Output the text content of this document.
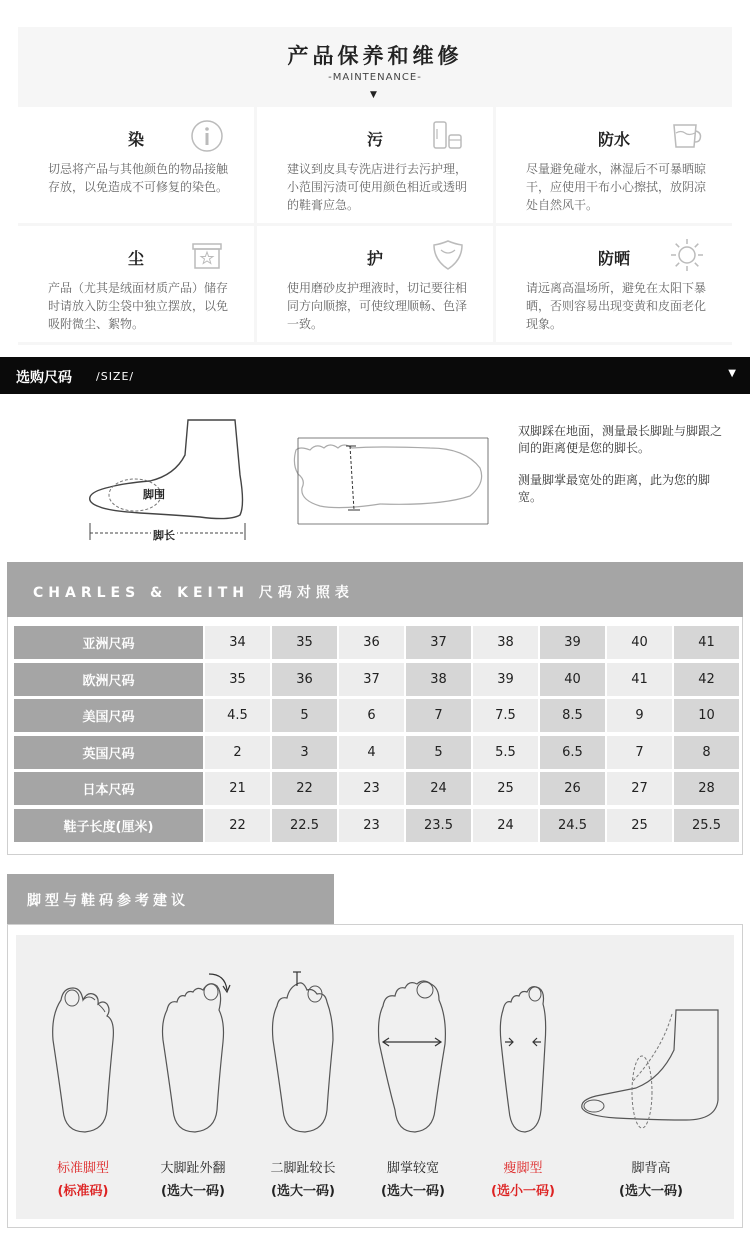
产品保养和维修
-MAINTENANCE-
▼
染
切忌将产品与其他颜色的物品接触存放，以免造成不可修复的染色。
污
建议到皮具专洗店进行去污护理，小范围污渍可使用颜色相近或透明的鞋膏应急。
防水
尽量避免碰水，淋湿后不可暴晒晾干，应使用干布小心擦拭，放阴凉处自然风干。
尘
产品（尤其是绒面材质产品）储存时请放入防尘袋中独立摆放，以免吸附微尘、絮物。
护
使用磨砂皮护理液时，切记要往相同方向顺擦，可使纹理顺畅、色泽一致。
防晒
请远离高温场所，避免在太阳下暴晒，否则容易出现变黄和皮面老化现象。
选购尺码 /SIZE/	▼
脚围
脚长
双脚踩在地面，测量最长脚趾与脚跟之间的距离便是您的脚长。
测量脚掌最宽处的距离，此为您的脚宽。
CHARLES & KEITH 尺码对照表
亚洲尺码	34	35	36	37	38	39	40	41
欧洲尺码	35	36	37	38	39	40	41	42
美国尺码	4.5	5	6	7	7.5	8.5	9	10
英国尺码	2	3	4	5	5.5	6.5	7	8
日本尺码	21	22	23	24	25	26	27	28
鞋子长度(厘米)	22	22.5	23	23.5	24	24.5	25	25.5
脚型与鞋码参考建议
标准脚型
(标准码)
大脚趾外翻
(选大一码)
二脚趾较长
(选大一码)
脚掌较宽
(选大一码)
瘦脚型
(选小一码)
脚背高
(选大一码)
